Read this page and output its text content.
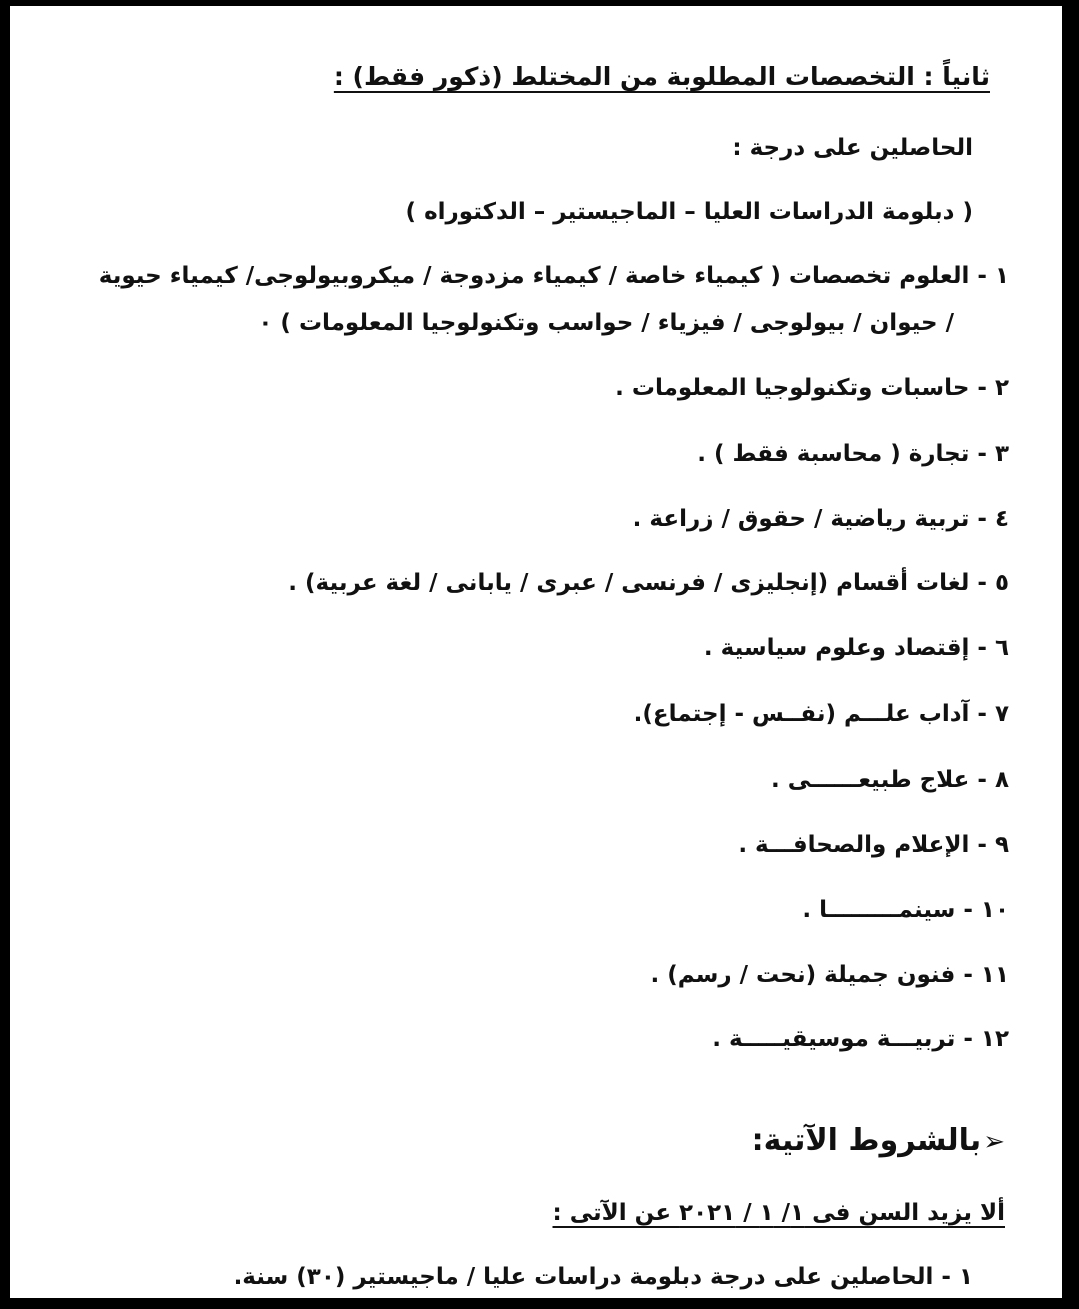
ثانياً : التخصصات المطلوبة من المختلط (ذكور فقط) :
الحاصلين على درجة :
( دبلومة الدراسات العليا – الماجيستير – الدكتوراه )
١ - العلوم تخصصات ( كيمياء خاصة / كيمياء مزدوجة / ميكروبيولوجى/ كيمياء حيوية
/ حيوان / بيولوجى / فيزياء / حواسب وتكنولوجيا المعلومات ) ٠
٢ - حاسبات وتكنولوجيا المعلومات .
٣ - تجارة ( محاسبة فقط ) .
٤ - تربية رياضية / حقوق / زراعة .
٥ - لغات أقسام (إنجليزى / فرنسى / عبرى / يابانى / لغة عربية) .
٦ - إقتصاد وعلوم سياسية .
٧ - آداب علـــم (نفــس - إجتماع).
٨ - علاج طبيعــــــى .
٩ - الإعلام والصحافـــة .
١٠ - سينمـــــــــا .
١١ - فنون جميلة (نحت / رسم) .
١٢ - تربيـــة موسيقيـــــة .
➢بالشروط الآتية:
ألا يزيد السن فى ١/ ١ / ٢٠٢١ عن الآتى :
١ - الحاصلين على درجة دبلومة دراسات عليا / ماجيستير (٣٠) سنة.
